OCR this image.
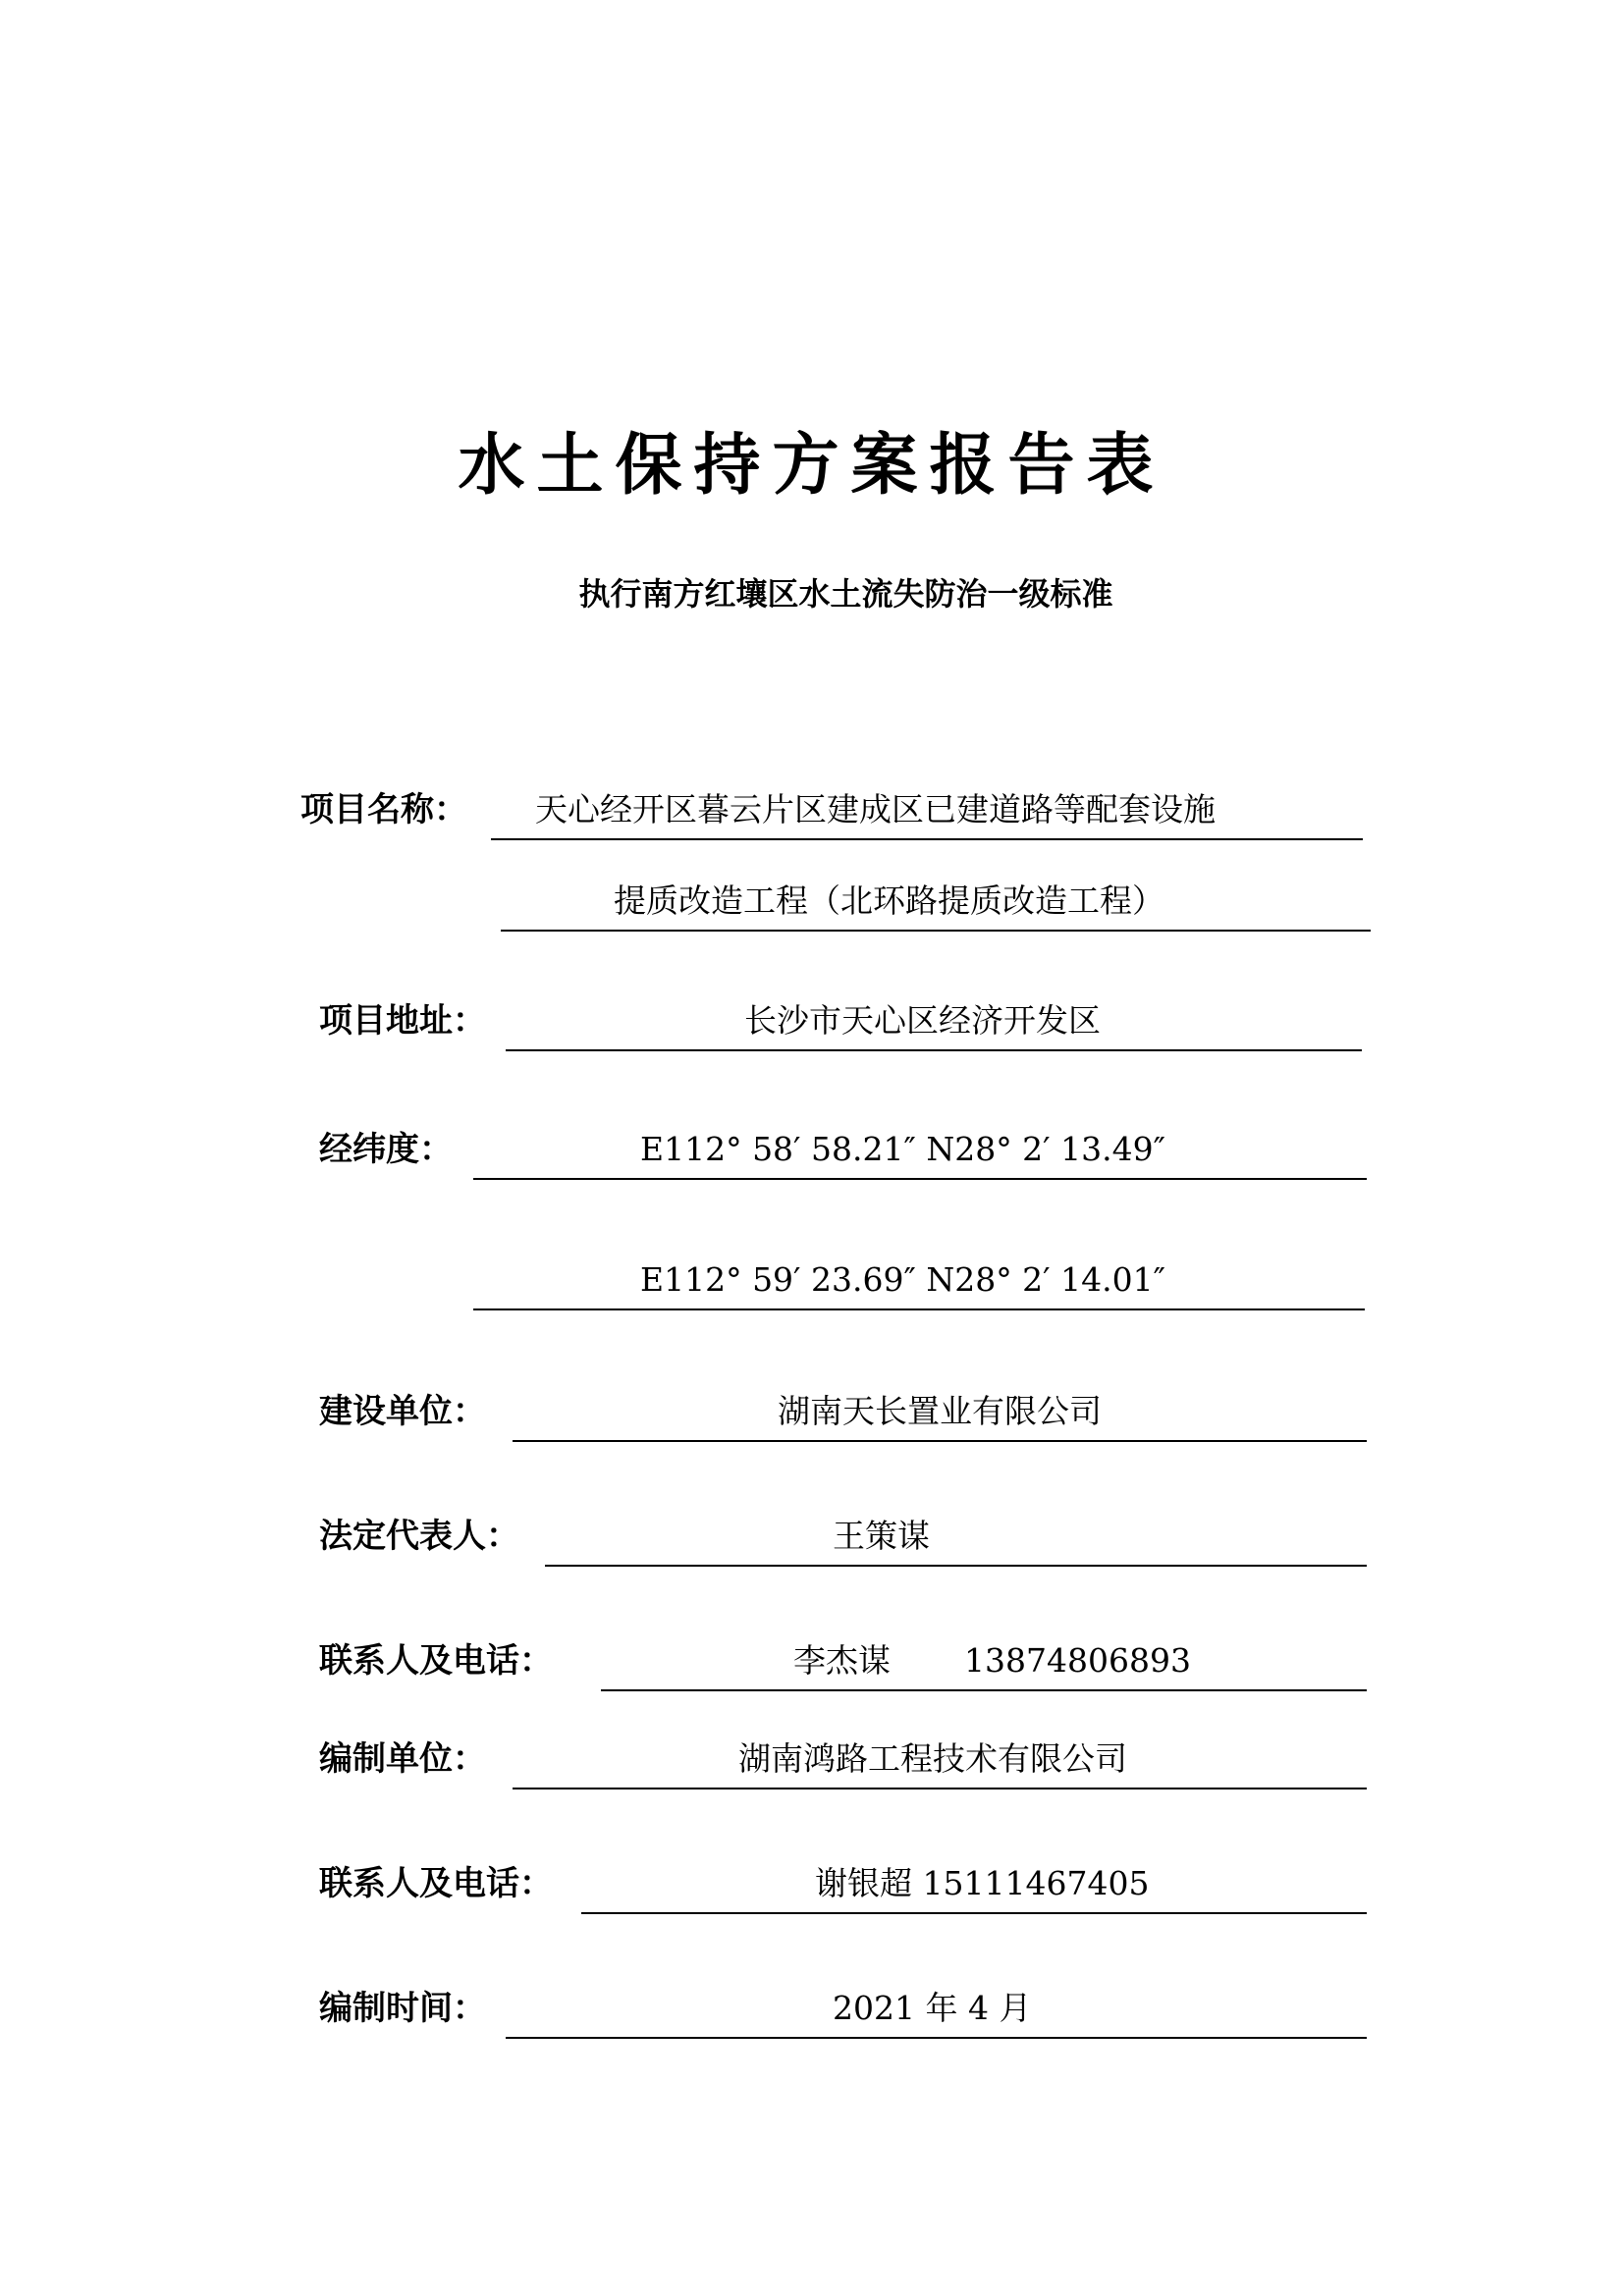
水土保持方案报告表
执行南方红壤区水土流失防治一级标准
项目名称： 天心经开区暮云片区建成区已建道路等配套设施
提质改造工程（北环路提质改造工程）
项目地址：	长沙市天心区经济开发区
经纬度：	E112° 58′ 58.21″ N28° 2′ 13.49″
E112° 59′ 23.69″ N28° 2′ 14.01″
建设单位：	湖南天长置业有限公司
法定代表人：	王策谋
联系人及电话：	李杰谋 13874806893
编制单位：	湖南鸿路工程技术有限公司
联系人及电话：	谢银超 15111467405
编制时间：	2021 年 4 月
